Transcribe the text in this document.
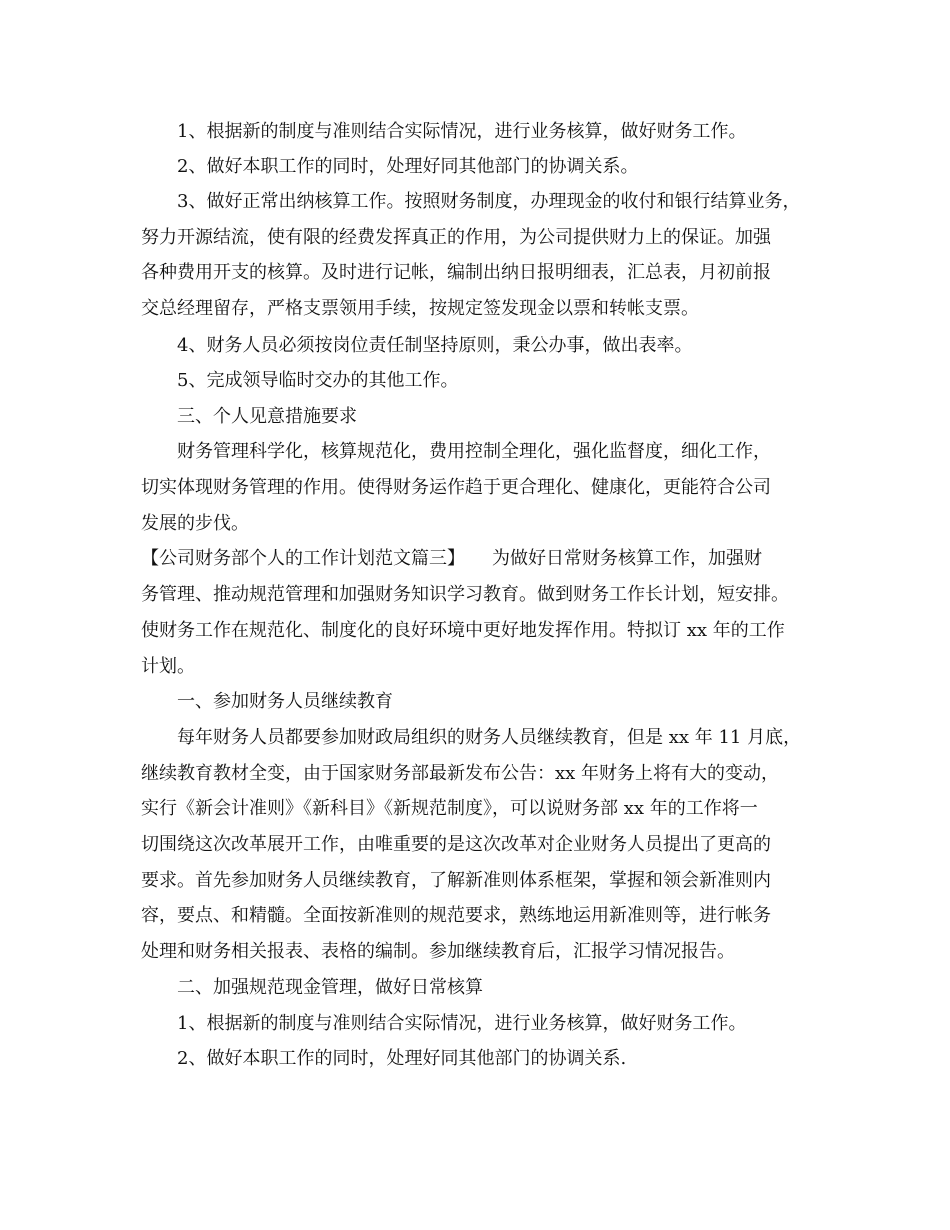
1、根据新的制度与准则结合实际情况，进行业务核算，做好财务工作。
2、做好本职工作的同时，处理好同其他部门的协调关系。
3、做好正常出纳核算工作。按照财务制度，办理现金的收付和银行结算业务，
努力开源结流，使有限的经费发挥真正的作用，为公司提供财力上的保证。加强
各种费用开支的核算。及时进行记帐，编制出纳日报明细表，汇总表，月初前报
交总经理留存，严格支票领用手续，按规定签发现金以票和转帐支票。
4、财务人员必须按岗位责任制坚持原则，秉公办事，做出表率。
5、完成领导临时交办的其他工作。
三、个人见意措施要求
财务管理科学化，核算规范化，费用控制全理化，强化监督度，细化工作，
切实体现财务管理的作用。使得财务运作趋于更合理化、健康化，更能符合公司
发展的步伐。
【公司财务部个人的工作计划范文篇三】　　为做好日常财务核算工作，加强财
务管理、推动规范管理和加强财务知识学习教育。做到财务工作长计划，短安排。
使财务工作在规范化、制度化的良好环境中更好地发挥作用。特拟订 xx 年的工作
计划。
一、参加财务人员继续教育
每年财务人员都要参加财政局组织的财务人员继续教育，但是 xx 年 11 月底，
继续教育教材全变，由于国家财务部最新发布公告：xx 年财务上将有大的变动，
实行《新会计准则》《新科目》《新规范制度》，可以说财务部 xx 年的工作将一
切围绕这次改革展开工作，由唯重要的是这次改革对企业财务人员提出了更高的
要求。首先参加财务人员继续教育，了解新准则体系框架，掌握和领会新准则内
容，要点、和精髓。全面按新准则的规范要求，熟练地运用新准则等，进行帐务
处理和财务相关报表、表格的编制。参加继续教育后，汇报学习情况报告。
二、加强规范现金管理，做好日常核算
1、根据新的制度与准则结合实际情况，进行业务核算，做好财务工作。
2、做好本职工作的同时，处理好同其他部门的协调关系.
